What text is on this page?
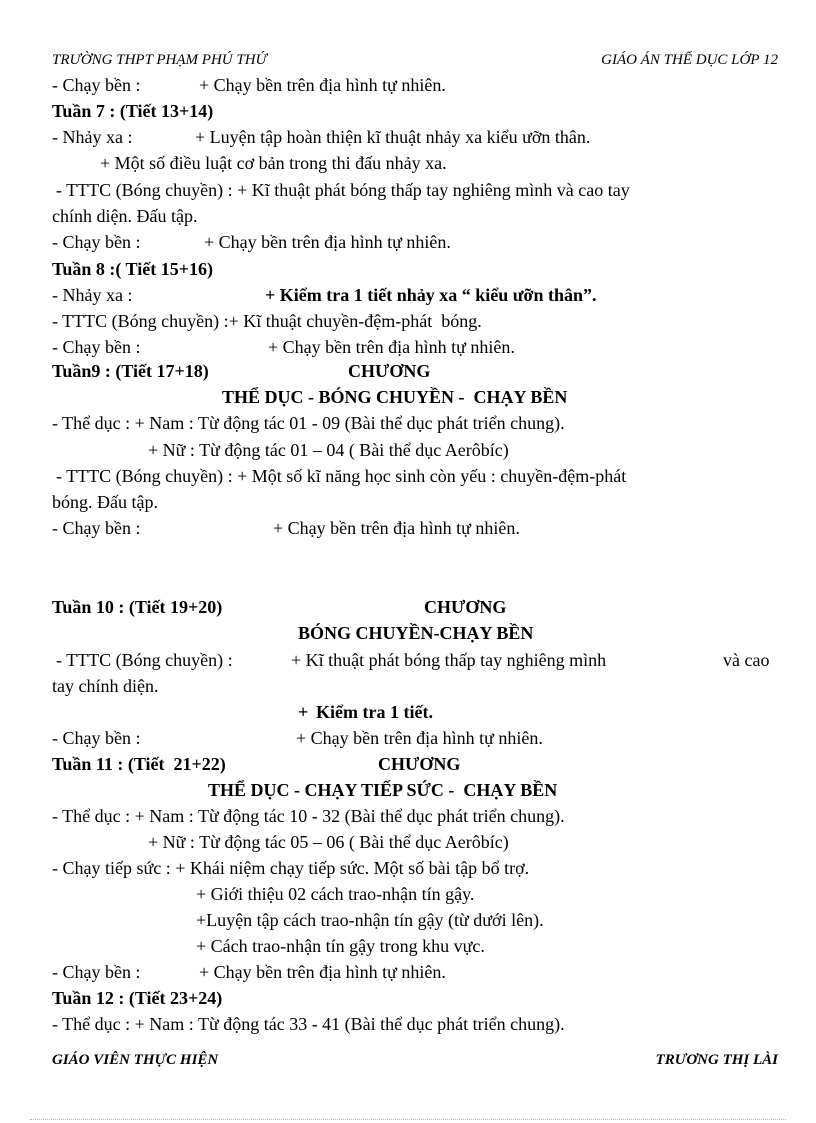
TRƯỜNG THPT PHẠM PHÚ THỨ	GIÁO ÁN THỂ DỤC LỚP 12

- Chạy bền :

	+ Chạy bền trên địa hình tự nhiên.

Tuần 7 : (Tiết 13+14)

- Nhảy xa :

	+ Luyện tập hoàn thiện kĩ thuật nhảy xa kiểu ưỡn thân.

+ Một số điều luật cơ bản trong thi đấu nhảy xa.

- TTTC (Bóng chuyền) : + Kĩ thuật phát bóng thấp tay nghiêng mình và cao tay

chính diện. Đấu tập.

- Chạy bền :

	+ Chạy bền trên địa hình tự nhiên.

Tuần 8 :( Tiết 15+16)

- Nhảy xa :

	+ Kiểm tra 1 tiết nhảy xa “ kiểu ưỡn thân”.

- TTTC (Bóng chuyền) :+ Kĩ thuật chuyền-đệm-phát  bóng.

- Chạy bền :

	+ Chạy bền trên địa hình tự nhiên.

Tuần9 : (Tiết 17+18)

	CHƯƠNG

THỂ DỤC - BÓNG CHUYỀN -  CHẠY BỀN

- Thể dục : + Nam : Từ động tác 01 - 09 (Bài thể dục phát triển chung).

+ Nữ : Từ động tác 01 – 04 ( Bài thể dục Aerôbíc)

- TTTC (Bóng chuyền) : + Một số kĩ năng học sinh còn yếu : chuyền-đệm-phát

bóng. Đấu tập.

- Chạy bền :

	+ Chạy bền trên địa hình tự nhiên.

Tuần 10 : (Tiết 19+20)

	CHƯƠNG

BÓNG CHUYỀN-CHẠY BỀN

- TTTC (Bóng chuyền) :

	+ Kĩ thuật phát bóng thấp tay nghiêng mình

	và cao

tay chính diện.

+

Kiểm tra 1 tiết.

- Chạy bền :

	+ Chạy bền trên địa hình tự nhiên.

Tuần 11 : (Tiết  21+22)

	CHƯƠNG

THỂ DỤC - CHẠY TIẾP SỨC -  CHẠY BỀN

- Thể dục : + Nam : Từ động tác 10 - 32 (Bài thể dục phát triển chung).

+ Nữ : Từ động tác 05 – 06 ( Bài thể dục Aerôbíc)

- Chạy tiếp sức : + Khái niệm chạy tiếp sức. Một số bài tập bổ trợ.

+ Giới thiệu 02 cách trao-nhận tín gậy.

+Luyện tập cách trao-nhận tín gậy (từ dưới lên).

+ Cách trao-nhận tín gậy trong khu vực.

- Chạy bền :

	+ Chạy bền trên địa hình tự nhiên.

Tuần 12 : (Tiết 23+24)

- Thể dục : + Nam : Từ động tác 33 - 41 (Bài thể dục phát triển chung).

GIÁO VIÊN THỰC HIỆN	TRƯƠNG THỊ LÀI
